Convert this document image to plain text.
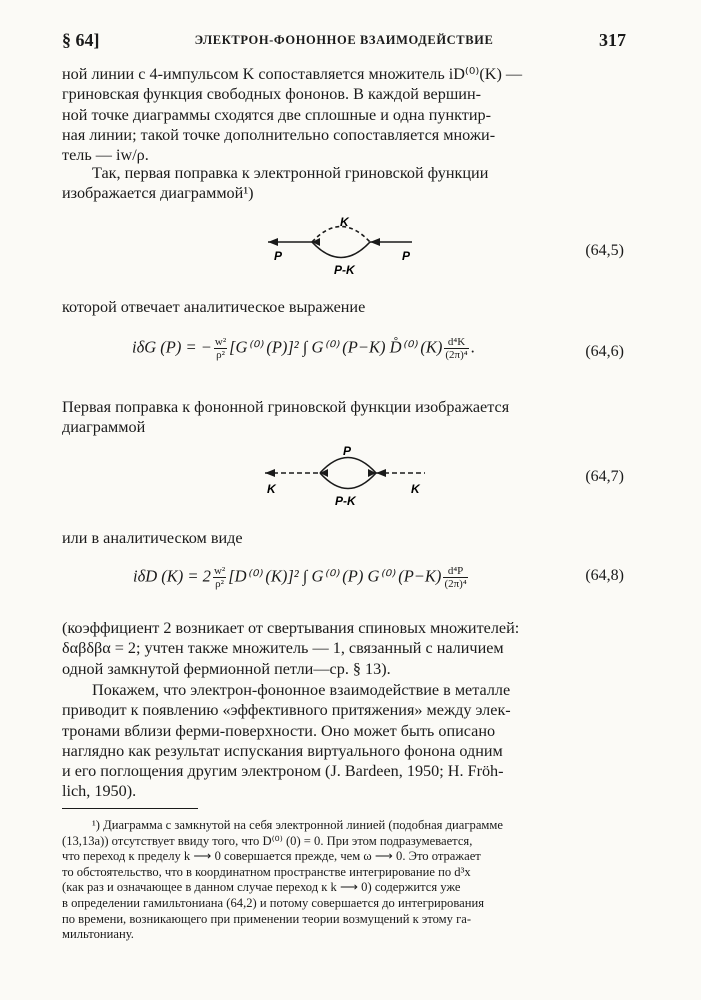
§ 64]	ЭЛЕКТРОН-ФОНОННОЕ ВЗАИМОДЕЙСТВИЕ	317
ной линии с 4-импульсом K сопоставляется множитель iD⁽⁰⁾(K) —
гриновская функция свободных фононов. В каждой вершин-
ной точке диаграммы сходятся две сплошные и одна пунктир-
ная линии; такой точке дополнительно сопоставляется множи-
тель — iw/ρ.
Так, первая поправка к электронной гриновской функции
изображается диаграммой¹)
K
P-K
P	P	(64,5)
которой отвечает аналитическое выражение
iδG (P) = − $\frac{\text{w²}}{\text{ρ²}} [G^{(0)}$ (P)]² ∫ G⁽⁰⁾ (P−K) D̊⁽⁰⁾ $(K) \frac{\text{d⁴K}}{\text{(2π)⁴}}$ .	(64,6)
Первая поправка к фононной гриновской функции изображается
диаграммой
P
P-K
K	K
(64,7)
или в аналитическом виде
iδD $(K) = 2 \frac{\text{w²}}{\text{ρ²}} [D^{(0)}$ (K)]² ∫ G⁽⁰⁾ (P) G⁽⁰⁾ $(P-K) \frac{\text{d⁴P}}{\text{(2π)⁴}}$	(64,8)
(коэффициент 2 возникает от свертывания спиновых множителей:
δαβδβα = 2; учтен также множитель — 1, связанный с наличием
одной замкнутой фермионной петли—ср. § 13).
Покажем, что электрон-фононное взаимодействие в металле
приводит к появлению «эффективного притяжения» между элек-
тронами вблизи ферми-поверхности. Оно может быть описано
наглядно как результат испускания виртуального фонона одним
и его поглощения другим электроном (J. Bardeen, 1950; H. Fröh-
lich, 1950).
¹) Диаграмма с замкнутой на себя электронной линией (подобная диаграмме
(13,13а)) отсутствует ввиду того, что D⁽⁰⁾ (0) = 0. При этом подразумевается,
что переход к пределу k ⟶ 0 совершается прежде, чем ω ⟶ 0. Это отражает
то обстоятельство, что в координатном пространстве интегрирование по d³x
(как раз и означающее в данном случае переход к k ⟶ 0) содержится уже
в определении гамильтониана (64,2) и потому совершается до интегрирования
по времени, возникающего при применении теории возмущений к этому га-
мильтониану.
